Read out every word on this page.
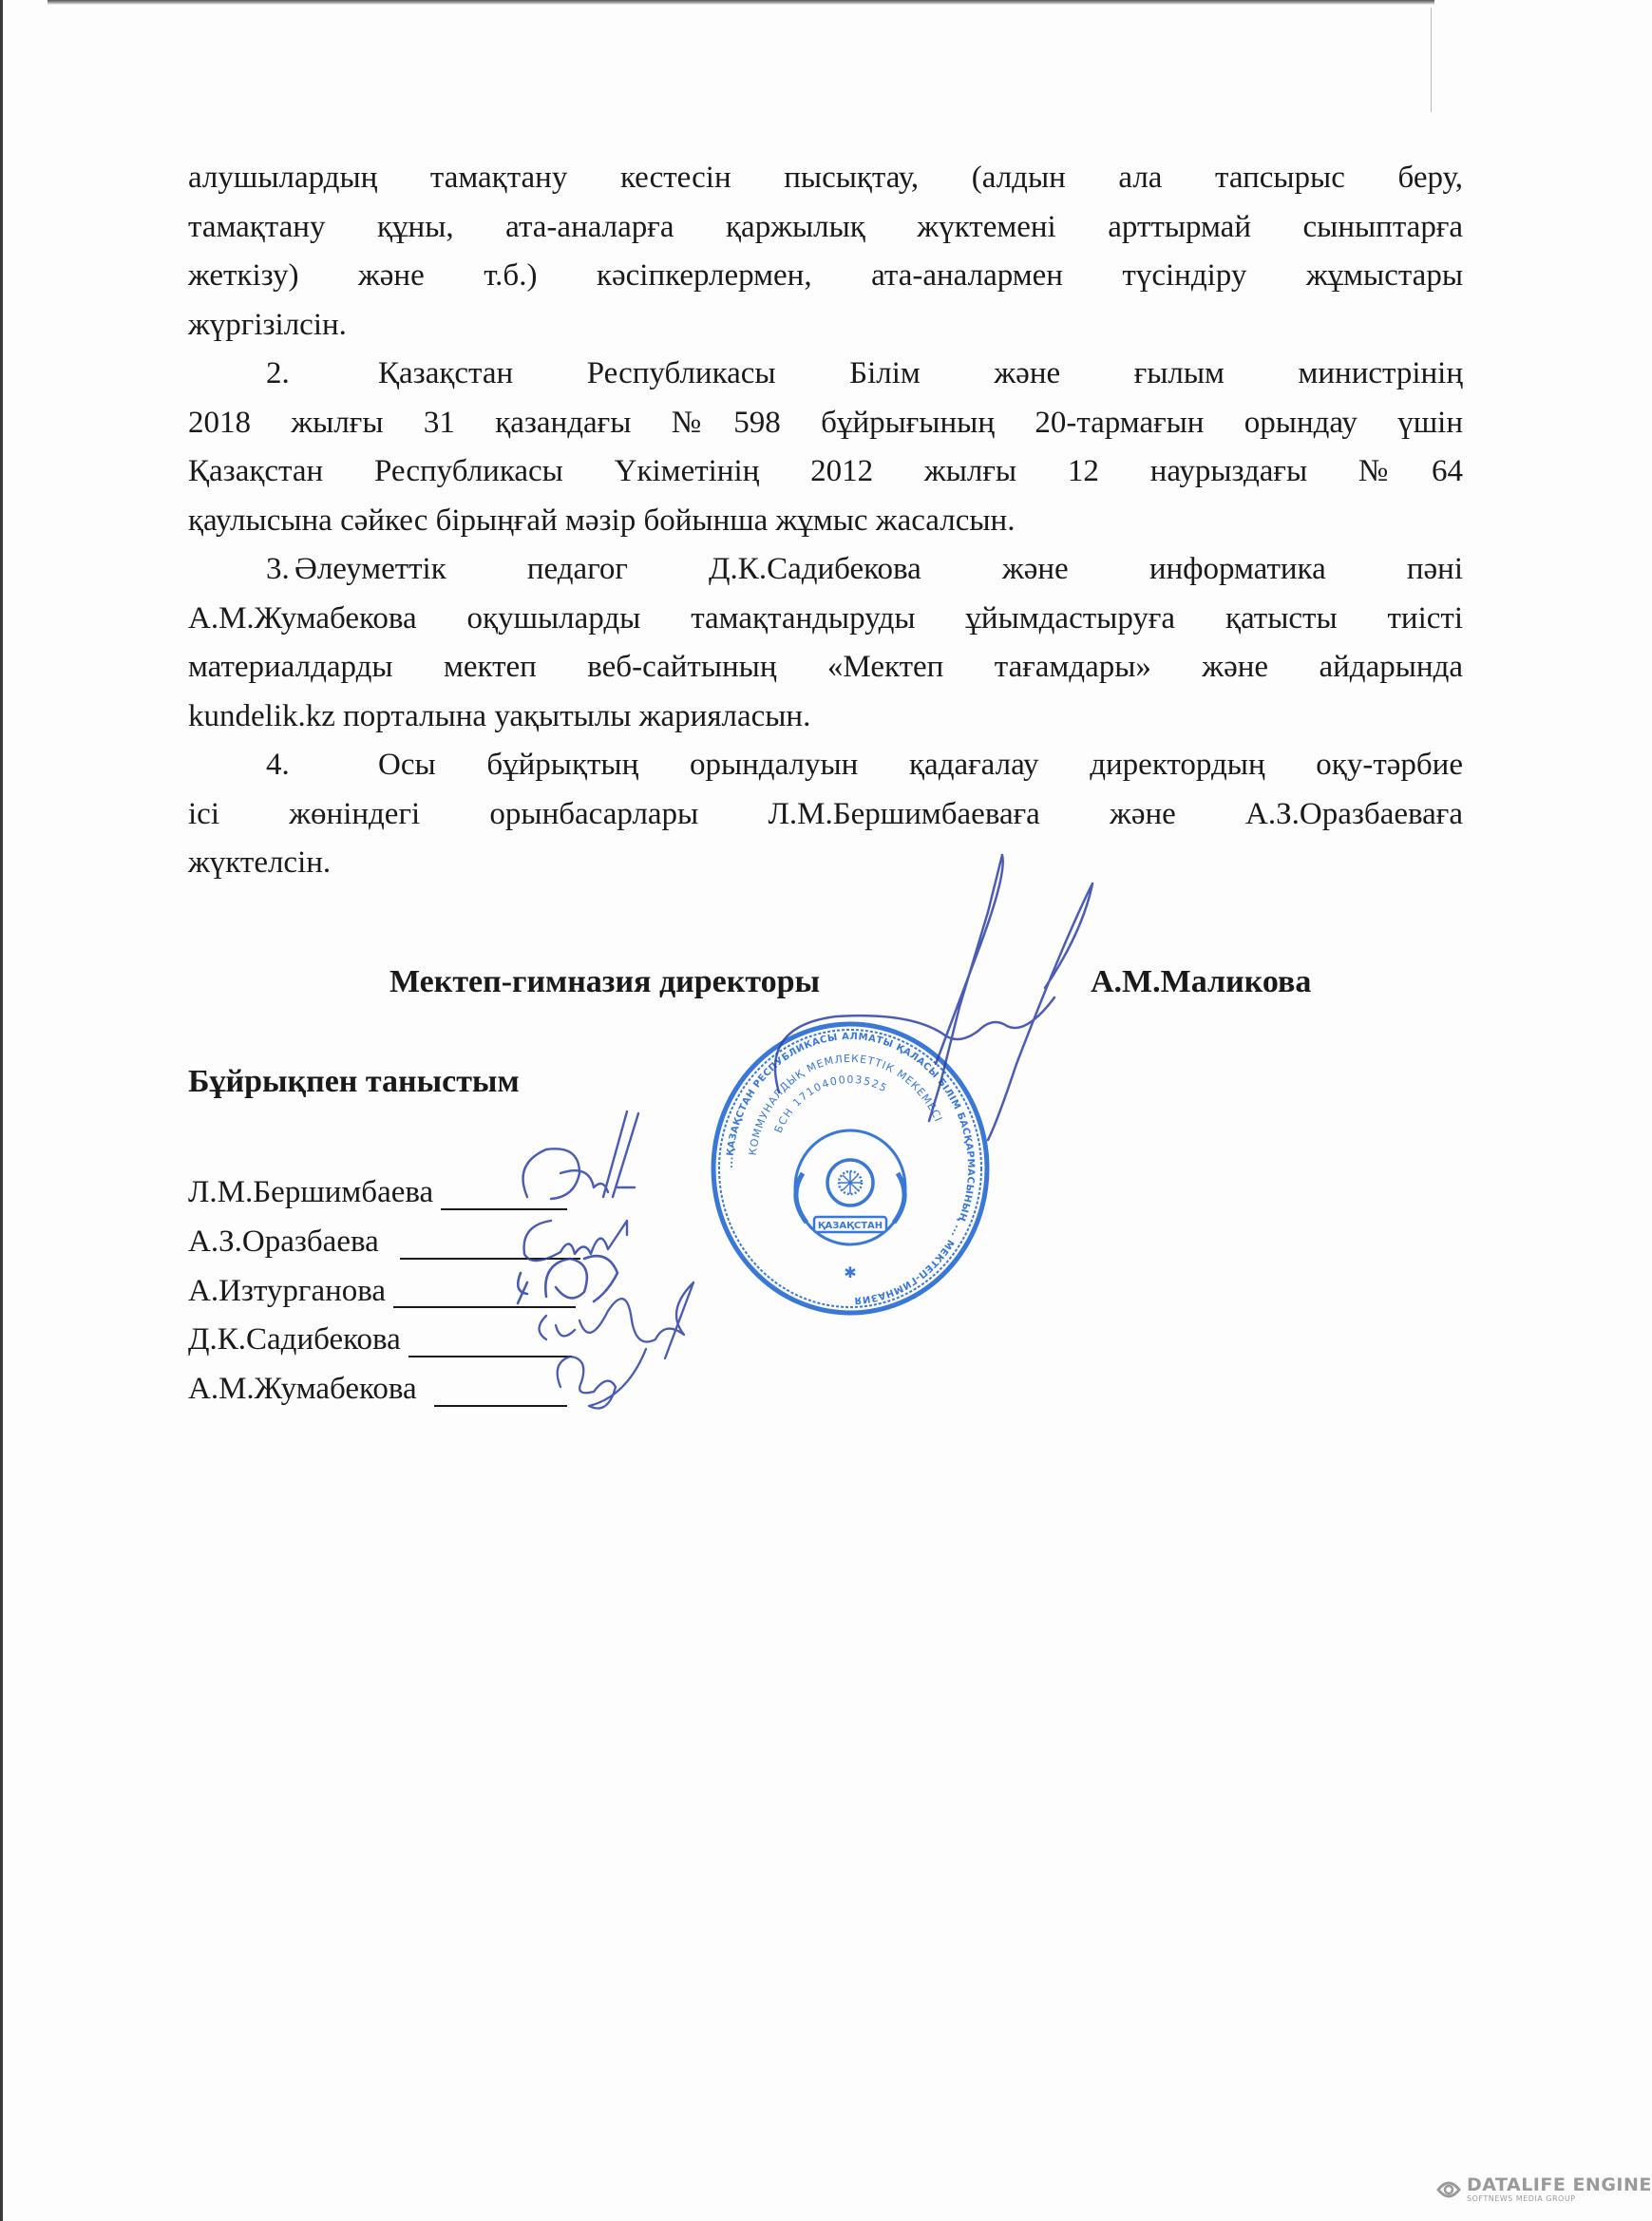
алушылардың тамақтану кестесін пысықтау, (алдын ала тапсырыс беру,
тамақтану құны, ата-аналарға қаржылық жүктемені арттырмай сыныптарға
жеткізу) және т.б.) кәсіпкерлермен, ата-аналармен түсіндіру жұмыстары
жүргізілсін.

2.	Қазақстан Республикасы Білім және ғылым министрінің
2018 жылғы 31 қазандағы №598 бұйрығының 20-тармағын орындау үшін
Қазақстан Республикасы Үкіметінің 2012 жылғы 12 наурыздағы №64
қаулысына сәйкес бірыңғай мәзір бойынша жұмыс жасалсын.

3. Әлеуметтік педагог Д.К.Садибекова және информатика пәні
А.М.Жумабекова оқушыларды тамақтандыруды ұйымдастыруға қатысты тиісті
материалдарды мектеп веб-сайтының «Мектеп тағамдары» және айдарында
kundelik.kz порталына уақытылы жарияласын.

4.	Осы бұйрықтың орындалуын қадағалау директордың оқу-тәрбие
ісі жөніндегі орынбасарлары Л.М.Бершимбаеваға және А.З.Оразбаеваға
жүктелсін.

Мектеп-гимназия директоры	А.М.Маликова
Бұйрықпен таныстым
Л.М.Бершимбаева
А.З.Оразбаева
А.Изтурганова
Д.К.Садибекова
А.М.Жумабекова
...ҚАЗАҚСТАН РЕСПУБЛИКАСЫ АЛМАТЫ ҚАЛАСЫ БІЛІМ БАСҚАРМАСЫНЫҢ ... МЕКТЕП-ГИМНАЗИЯ
КОММУНАЛДЫҚ МЕМЛЕКЕТТІК МЕКЕМЕСІ
БСН 171040003525
ҚАЗАҚСТАН
✱
DATALIFE ENGINE
SOFTNEWS MEDIA GROUP
